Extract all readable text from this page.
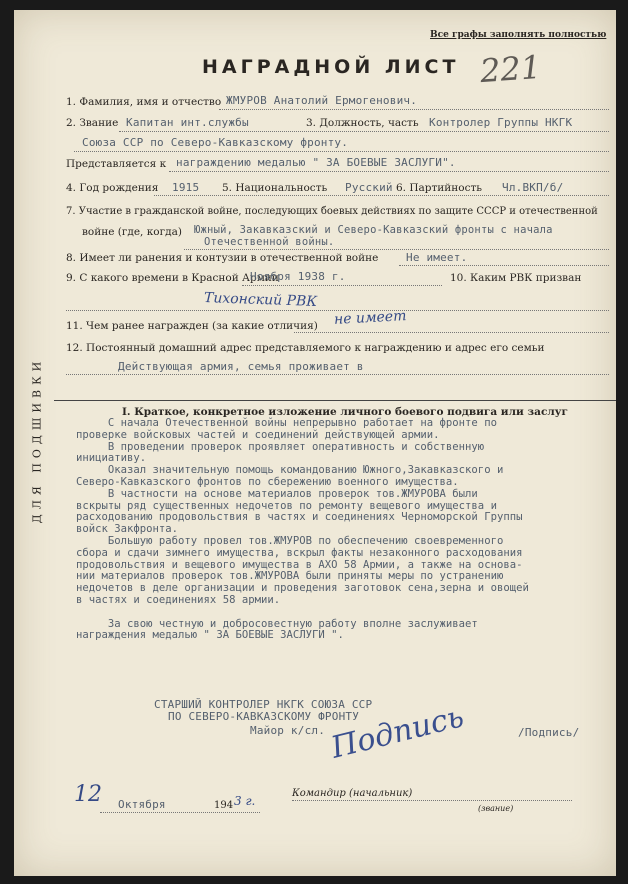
Все графы заполнять полностью
НАГРАДНОЙ ЛИСТ 221
1. Фамилия, имя и отчество ЖМУРОВ Анатолий Ермогенович.
2. Звание Капитан инт.службы	3. Должность, часть Контролер Группы НКГК
Союза ССР по Северо-Кавказскому фронту.
Представляется к награждению медалью " ЗА БОЕВЫЕ ЗАСЛУГИ".
4. Год рождения 1915 5. Национальность Русский 6. Партийность Чл.ВКП/б/
7. Участие в гражданской войне, последующих боевых действиях по защите СССР и отечественной
войне (где, когда) Южный, Закавказский и Северо-Кавказский фронты с начала
Отечественной войны.
8. Имеет ли ранения и контузии в отечественной войне	Не имеет.
9. С какого времени в Красной Армии
Ноября 1938 г.	10. Каким РВК призван
Тихонский РВК
11. Чем ранее награжден (за какие отличия) не имеет
12. Постоянный домашний адрес представляемого к награждению и адрес его семьи
Действующая армия, семья проживает в
I. Краткое, конкретное изложение личного боевого подвига или заслуг
ДЛЯ ПОДШИВКИ	С начала Отечественной войны непрерывно работает на фронте по

проверке войсковых частей и соединений действующей армии.

В проведении проверок проявляет оперативность и собственную

инициативу.

Оказал значительную помощь командованию Южного,Закавказского и

Северо-Кавказского фронтов по сбережению военного имущества.

В частности на основе материалов проверок тов.ЖМУРОВА были

вскрыты ряд существенных недочетов по ремонту вещевого имущества и

расходованию продовольствия в частях и соединениях Черноморской Группы

войск Закфронта.

Большую работу провел тов.ЖМУРОВ по обеспечению своевременного

сбора и сдачи зимнего имущества, вскрыл факты незаконного расходования

продовольствия и вещевого имущества в АХО 58 Армии, а также на основа-

нии материалов проверок тов.ЖМУРОВА были приняты меры по устранению

недочетов в деле организации и проведения заготовок сена,зерна и овощей

в частях и соединениях 58 армии.

За свою честную и добросовестную работу вполне заслуживает

награждения медалью " ЗА БОЕВЫЕ ЗАСЛУГИ ".

СТАРШИЙ КОНТРОЛЕР НКГК СОЮЗА ССР
ПО СЕВЕРО-КАВКАЗСКОМУ ФРОНТУ
Майор к/сл.	/Подпись/
Подпись
12 Октября	194 3 г.
Командир (начальник)
(звание)
